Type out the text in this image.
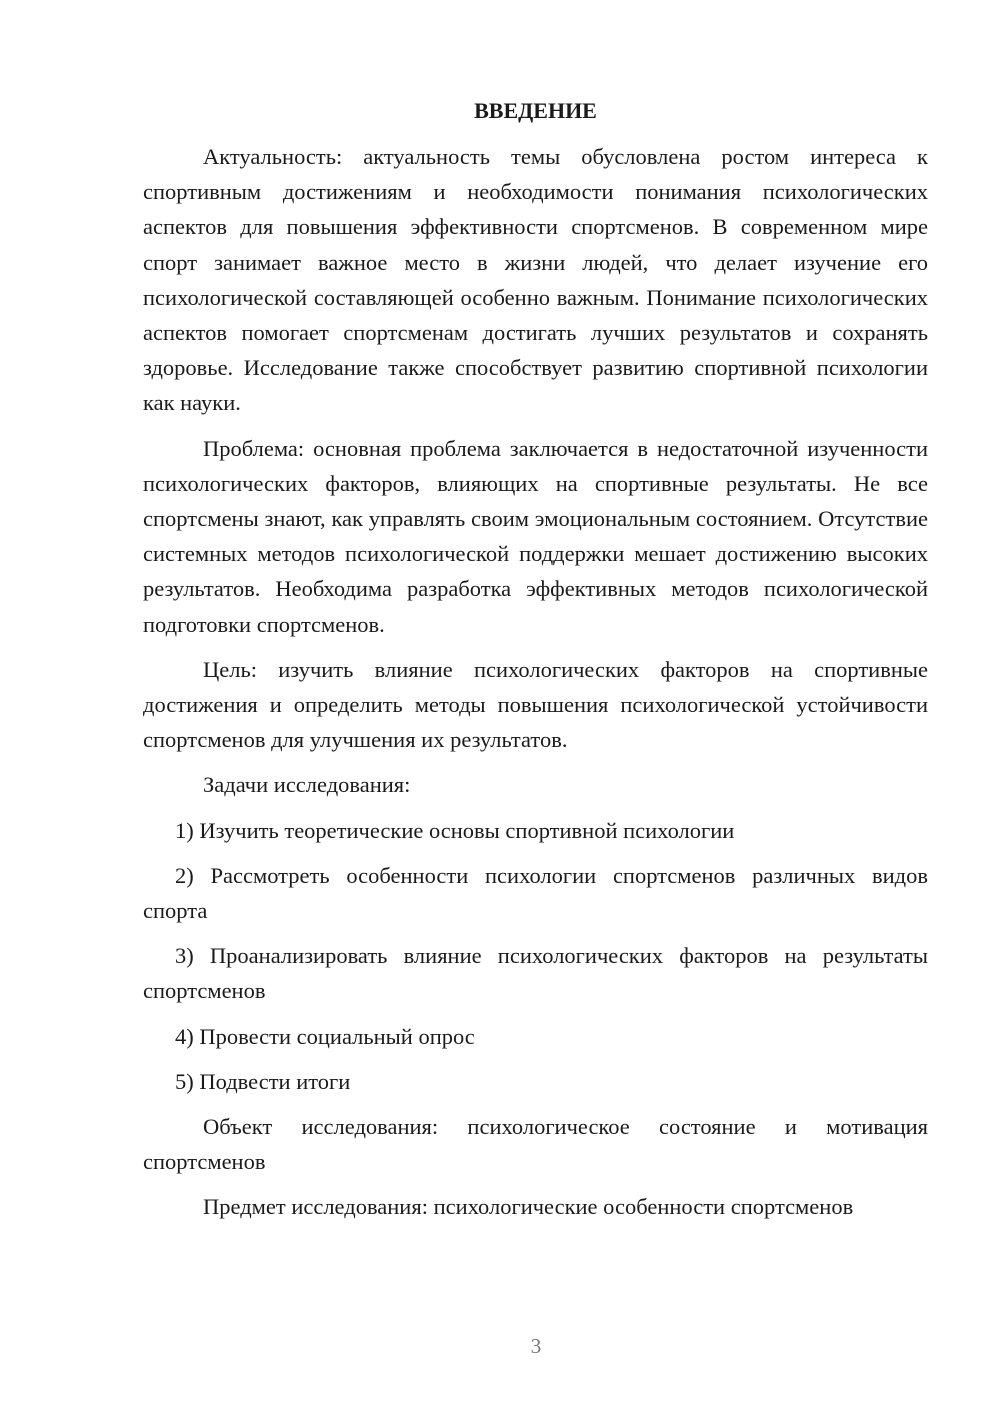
ВВЕДЕНИЕ

Актуальность: актуальность темы обусловлена ростом интереса к спортивным достижениям и необходимости понимания психологических аспектов для повышения эффективности спортсменов. В современном мире спорт занимает важное место в жизни людей, что делает изучение его психологической составляющей особенно важным. Понимание психологических аспектов помогает спортсменам достигать лучших результатов и сохранять здоровье. Исследование также способствует развитию спортивной психологии как науки.

Проблема: основная проблема заключается в недостаточной изученности психологических факторов, влияющих на спортивные результаты. Не все спортсмены знают, как управлять своим эмоциональным состоянием. Отсутствие системных методов психологической поддержки мешает достижению высоких результатов. Необходима разработка эффективных методов психологической подготовки спортсменов.

Цель: изучить влияние психологических факторов на спортивные достижения и определить методы повышения психологической устойчивости спортсменов для улучшения их результатов.

Задачи исследования:

1) Изучить теоретические основы спортивной психологии

2) Рассмотреть особенности психологии спортсменов различных видов спорта

3) Проанализировать влияние психологических факторов на результаты спортсменов

4) Провести социальный опрос

5) Подвести итоги

Объект исследования: психологическое состояние и мотивация спортсменов

Предмет исследования: психологические особенности спортсменов

3
